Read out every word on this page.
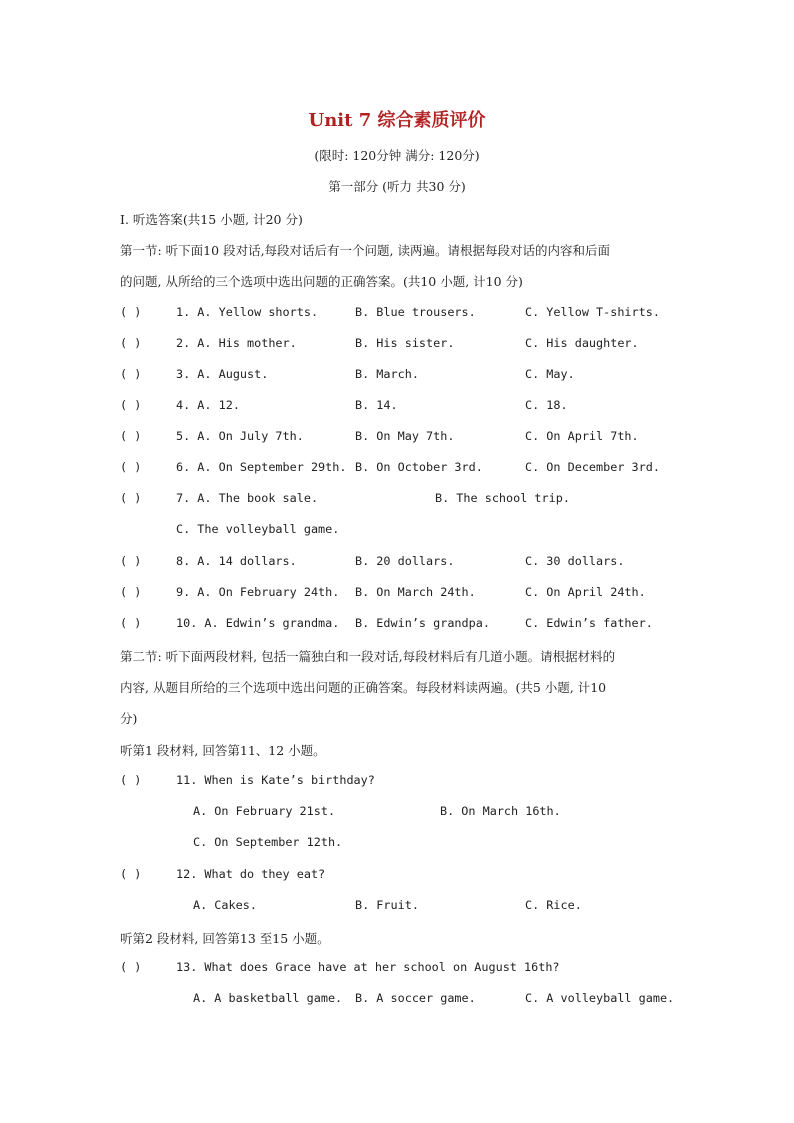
Unit 7 综合素质评价
(限时: 120分钟 满分: 120分)
第一部分 (听力 共30 分)
I. 听选答案(共15 小题, 计20 分)
第一节: 听下面10 段对话,每段对话后有一个问题, 读两遍。请根据每段对话的内容和后面
的问题, 从所给的三个选项中选出问题的正确答案。(共10 小题, 计10 分)
( )	1. A. Yellow shorts.	B. Blue trousers.	C. Yellow T-shirts.
( )	2. A. His mother.	B. His sister.	C. His daughter.
( )	3. A. August.	B. March.	C. May.
( )	4. A. 12.	B. 14.	C. 18.
( )	5. A. On July 7th.	B. On May 7th.	C. On April 7th.
( )	6. A. On September 29th. B. On October 3rd.	C. On December 3rd.
( )	7. A. The book sale.	B. The school trip.
C. The volleyball game.
( )	8. A. 14 dollars.	B. 20 dollars.	C. 30 dollars.
( )	9. A. On February 24th. B. On March 24th.	C. On April 24th.
( )	10. A. Edwin’s grandma. B. Edwin’s grandpa.	C. Edwin’s father.
第二节: 听下面两段材料, 包括一篇独白和一段对话,每段材料后有几道小题。请根据材料的
内容, 从题目所给的三个选项中选出问题的正确答案。每段材料读两遍。(共5 小题, 计10
分)
听第1 段材料, 回答第11、12 小题。
( )	11. When is Kate’s birthday?
A. On February 21st.	B. On March 16th.
C. On September 12th.
( )	12. What do they eat?
A. Cakes.	B. Fruit.	C. Rice.
听第2 段材料, 回答第13 至15 小题。
( )	13. What does Grace have at her school on August 16th?
A. A basketball game. B. A soccer game.	C. A volleyball game.
